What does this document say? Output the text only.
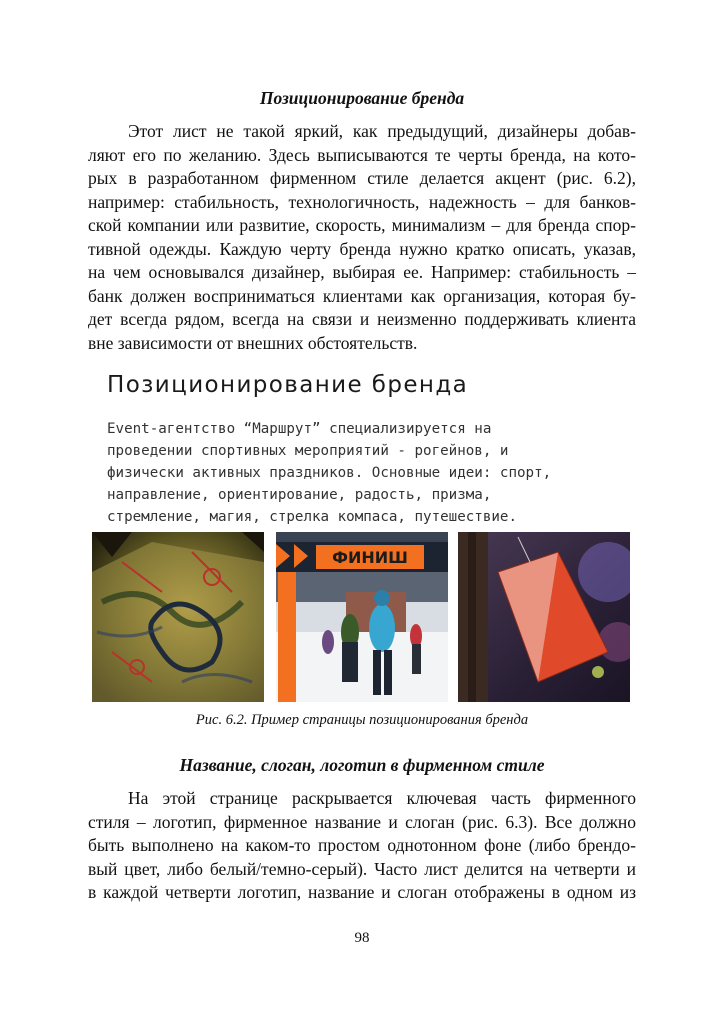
Позиционирование бренда

Этот лист не такой яркий, как предыдущий, дизайнеры добав-
ляют его по желанию. Здесь выписываются те черты бренда, на кото-
рых в разработанном фирменном стиле делается акцент (рис. 6.2),
например: стабильность, технологичность, надежность – для банков-
ской компании или развитие, скорость, минимализм – для бренда спор-
тивной одежды. Каждую черту бренда нужно кратко описать, указав,
на чем основывался дизайнер, выбирая ее. Например: стабильность –
банк должен восприниматься клиентами как организация, которая бу-
дет всегда рядом, всегда на связи и неизменно поддерживать клиента
вне зависимости от внешних обстоятельств.

Позиционирование бренда

Event-агентство “Маршрут” специализируется на
проведении спортивных мероприятий - рогейнов, и
физически активных праздников. Основные идеи: спорт,
направление, ориентирование, радость, призма,
стремление, магия, стрелка компаса, путешествие.

ФИНИШ

Рис. 6.2. Пример страницы позиционирования бренда

Название, слоган, логотип в фирменном стиле

На этой странице раскрывается ключевая часть фирменного
стиля – логотип, фирменное название и слоган (рис. 6.3). Все должно
быть выполнено на каком-то простом однотонном фоне (либо брендо-
вый цвет, либо белый/темно-серый). Часто лист делится на четверти и
в каждой четверти логотип, название и слоган отображены в одном из

98
